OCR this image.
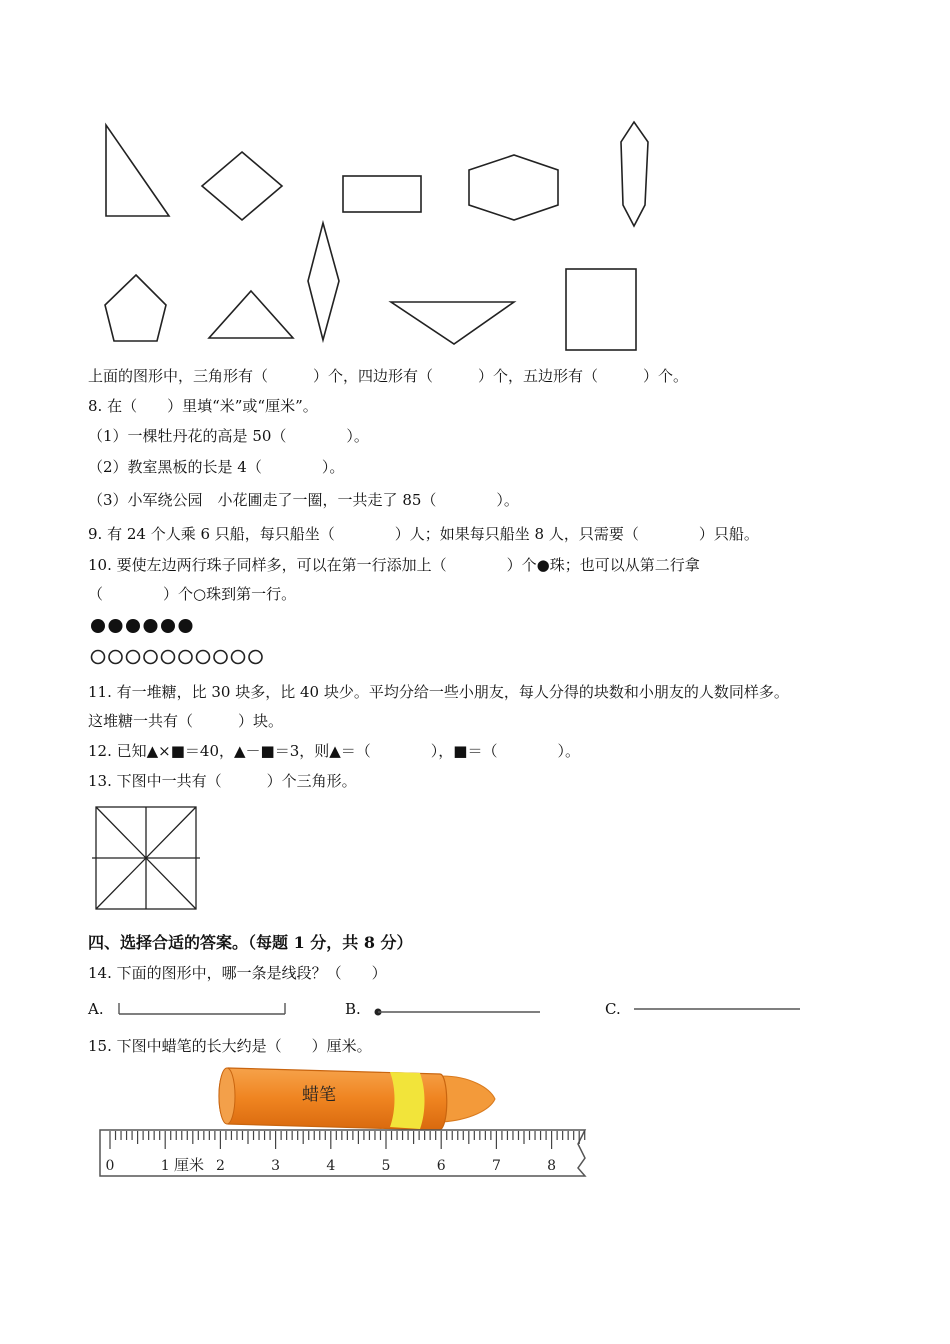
上面的图形中，三角形有（　　　）个，四边形有（　　　）个，五边形有（　　　）个。
8. 在（　　）里填“米”或“厘米”。
（1）一棵牡丹花的高是 50（　　　　）。
（2）教室黑板的长是 4（　　　　）。
（3）小军绕公园　小花圃走了一圈，一共走了 85（　　　　）。
9. 有 24 个人乘 6 只船，每只船坐（　　　　）人；如果每只船坐 8 人，只需要（　　　　）只船。
10. 要使左边两行珠子同样多，可以在第一行添加上（　　　　）个●珠；也可以从第二行拿
（　　　　）个○珠到第一行。
11. 有一堆糖，比 30 块多，比 40 块少。平均分给一些小朋友，每人分得的块数和小朋友的人数同样多。
这堆糖一共有（　　　）块。
12. 已知▲×■＝40，▲－■＝3，则▲＝（　　　　），■＝（　　　　）。
13. 下图中一共有（　　　）个三角形。
四、选择合适的答案。（每题 1 分，共 8 分）
14. 下面的图形中，哪一条是线段？（　　）
A.	B.	C.
15. 下图中蜡笔的长大约是（　　）厘米。
蜡笔
0	1	2	3	4	5	6	7	8
厘米
